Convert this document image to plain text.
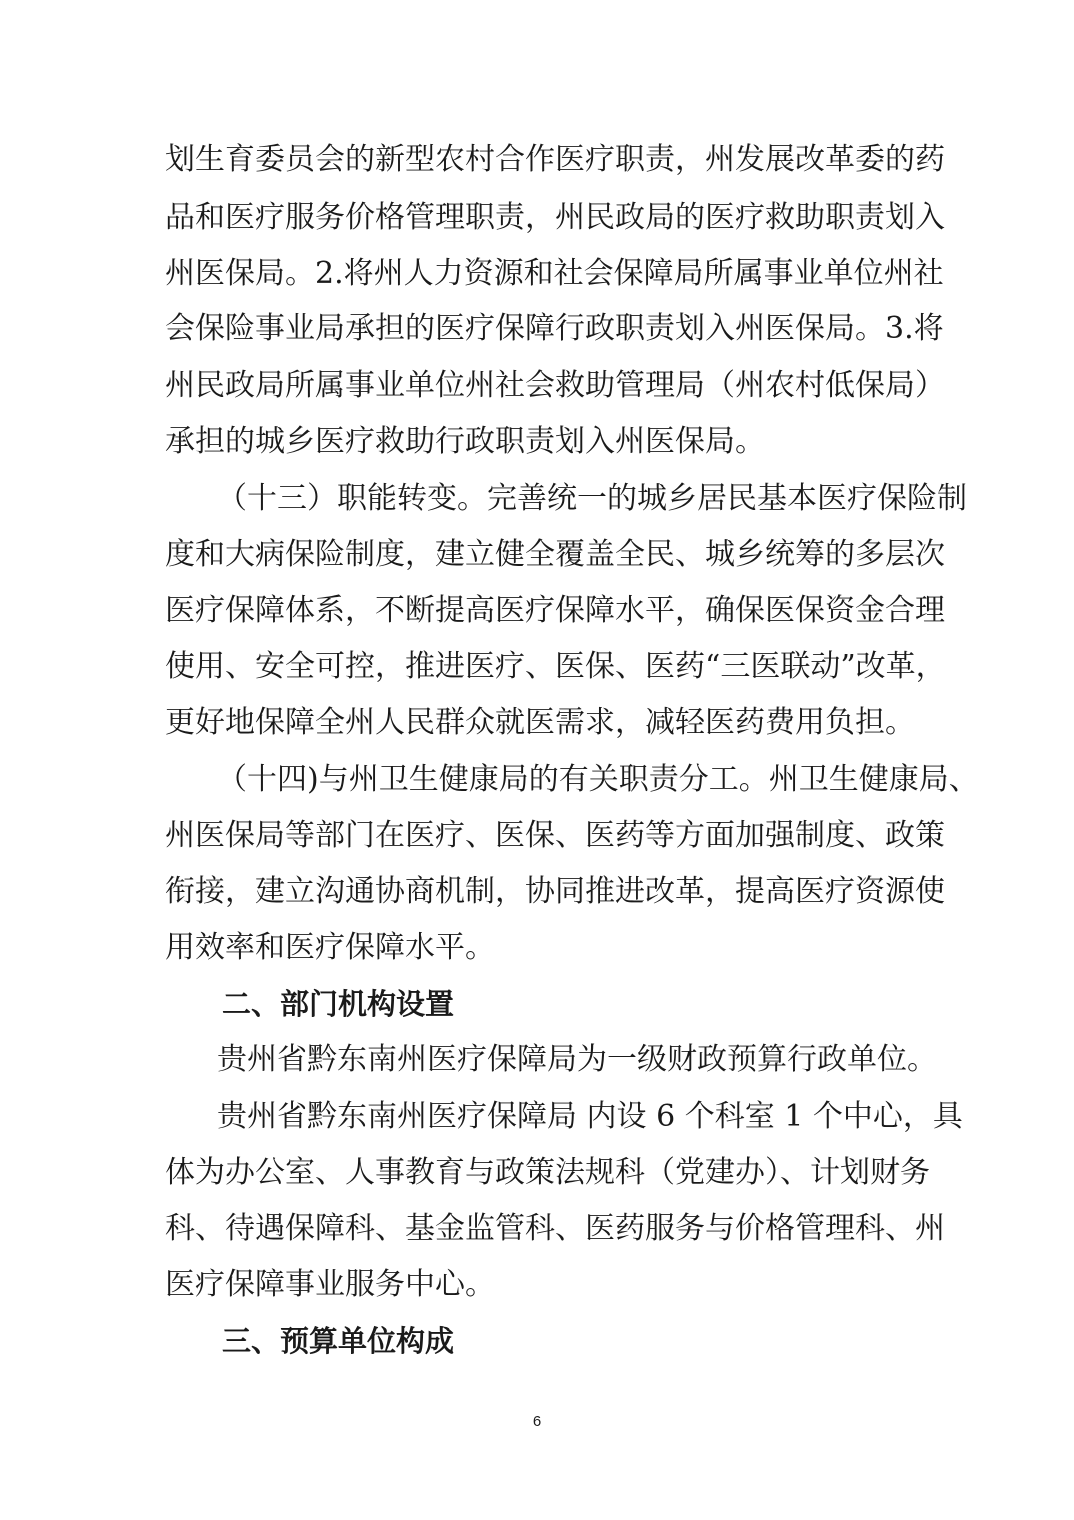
划生育委员会的新型农村合作医疗职责，州发展改革委的药
品和医疗服务价格管理职责，州民政局的医疗救助职责划入
州医保局。2.将州人力资源和社会保障局所属事业单位州社
会保险事业局承担的医疗保障行政职责划入州医保局。3.将
州民政局所属事业单位州社会救助管理局（州农村低保局）
承担的城乡医疗救助行政职责划入州医保局。
（十三）职能转变。完善统一的城乡居民基本医疗保险制
度和大病保险制度，建立健全覆盖全民、城乡统筹的多层次
医疗保障体系，不断提高医疗保障水平，确保医保资金合理
使用、安全可控，推进医疗、医保、医药“三医联动”改革，
更好地保障全州人民群众就医需求，减轻医药费用负担。
（十四)与州卫生健康局的有关职责分工。州卫生健康局、
州医保局等部门在医疗、医保、医药等方面加强制度、政策
衔接，建立沟通协商机制，协同推进改革，提高医疗资源使
用效率和医疗保障水平。
二、部门机构设置
贵州省黔东南州医疗保障局为一级财政预算行政单位。
贵州省黔东南州医疗保障局 内设 6 个科室 1 个中心，具
体为办公室、人事教育与政策法规科（党建办）、计划财务
科、待遇保障科、基金监管科、医药服务与价格管理科、州
医疗保障事业服务中心。
三、预算单位构成
6
